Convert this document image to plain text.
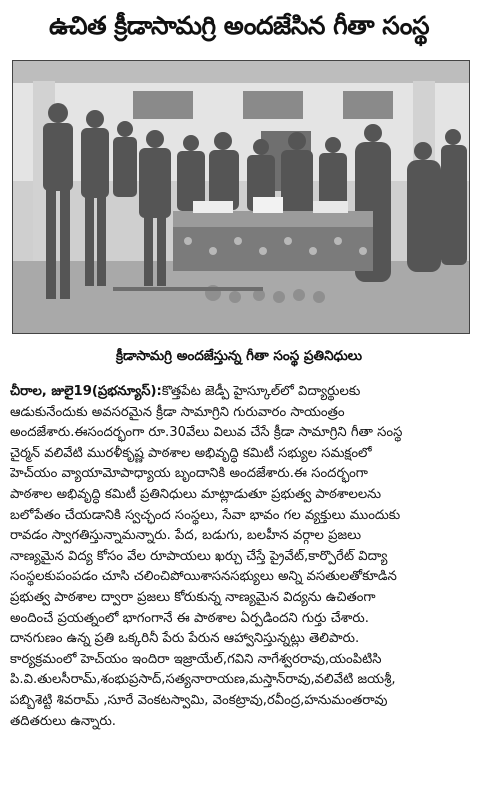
ఉచిత క్రీడాసామగ్రి అందజేసిన గీతా సంస్థ
క్రీడాసామగ్రి అందజేస్తున్న గీతా సంస్థ ప్రతినిధులు
చీరాల, జులై19(ప్రభన్యూస్):కొత్తపేట జెడ్పీ హైస్కూల్‌లో విద్యార్థులకు
ఆడుకునేందుకు అవసరమైన క్రీడా సామాగ్రిని గురువారం సాయంత్రం
అందజేశారు.ఈసందర్భంగా రూ.30వేలు విలువ చేసే క్రీడా సామాగ్రిని గీతా సంస్థ
చైర్మన్ వలివేటి మురళీకృష్ణ పాఠశాల అభివృద్ధి కమిటీ సభ్యుల సమక్షంలో
హెచ్‌యం వ్యాయామోపాధ్యాయ బృందానికి అందజేశారు.ఈ సందర్భంగా
పాఠశాల అభివృద్ధి కమిటీ ప్రతినిధులు మాట్లాడుతూ ప్రభుత్వ పాఠశాలలను
బలోపేతం చేయడానికి స్వచ్ఛంద సంస్థలు, సేవా భావం గల వ్యక్తులు ముందుకు
రావడం స్వాగతిస్తున్నామన్నారు. పేద, బడుగు, బలహీన వర్గాల ప్రజలు
నాణ్యమైన విద్య కోసం వేల రూపాయలు ఖర్చు చేస్తే ప్రైవేట్,కార్పొరేట్ విద్యా
సంస్థలకుపంపడం చూసి చలించిపోయిశాసనసభ్యులు అన్ని వసతులతోకూడిన
ప్రభుత్వ పాఠశాల ద్వారా ప్రజలు కోరుకున్న నాణ్యమైన విద్యను ఉచితంగా
అందించే ప్రయత్నంలో భాగంగానే ఈ పాఠశాల ఏర్పడిందని గుర్తు చేశారు.
దానగుణం ఉన్న ప్రతి ఒక్కరినీ పేరు పేరున ఆహ్వానిస్తున్నట్లు తెలిపారు.
కార్యక్రమంలో హెచ్‌యం ఇందిరా ఇజ్రాయేల్,గవిని నాగేశ్వరరావు,యంపిటిసి
పి.వి.తులసీరామ్,శంభుప్రసాద్,సత్యనారాయణ,మస్తాన్‌రావు,వలివేటి జయశ్రీ,
పబ్బిశెట్టి శివరామ్ ,సూరే వెంకటస్వామి, వెంకట్రావు,రవీంద్ర,హనుమంతరావు
తదితరులు ఉన్నారు.
